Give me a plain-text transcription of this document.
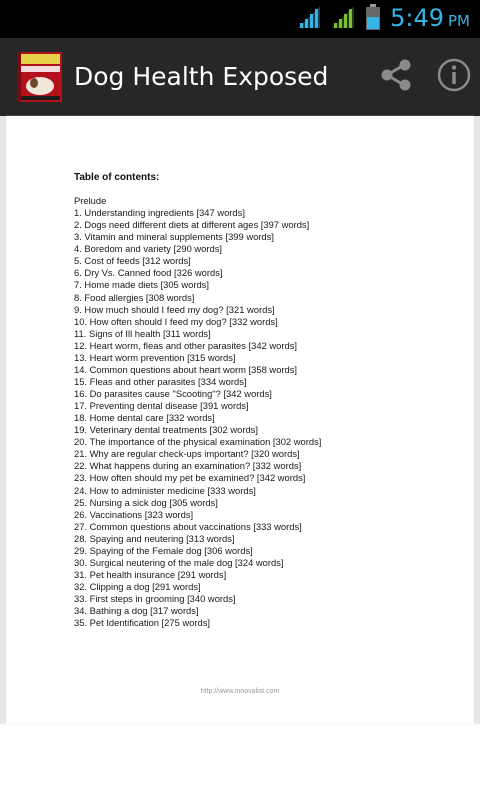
5:49 PM
Dog Health Exposed
Table of contents:
Prelude
1. Understanding ingredients [347 words]
2. Dogs need different diets at different ages [397 words]
3. Vitamin and mineral supplements [399 words]
4. Boredom and variety [290 words]
5. Cost of feeds [312 words]
6. Dry Vs. Canned food [326 words]
7. Home made diets [305 words]
8. Food allergies [308 words]
9. How much should I feed my dog? [321 words]
10. How often should I feed my dog? [332 words]
11. Signs of Ill health [311 words]
12. Heart worm, fleas and other parasites [342 words]
13. Heart worm prevention [315 words]
14. Common questions about heart worm [358 words]
15. Fleas and other parasites [334 words]
16. Do parasites cause "Scooting"? [342 words]
17. Preventing dental disease [391 words]
18. Home dental care [332 words]
19. Veterinary dental treatments [302 words]
20. The importance of the physical examination [302 words]
21. Why are regular check-ups important? [320 words]
22. What happens during an examination? [332 words]
23. How often should my pet be examined? [342 words]
24. How to administer medicine [333 words]
25. Nursing a sick dog [305 words]
26. Vaccinations [323 words]
27. Common questions about vaccinations [333 words]
28. Spaying and neutering [313 words]
29. Spaying of the Female dog [306 words]
30. Surgical neutering of the male dog [324 words]
31. Pet health insurance [291 words]
32. Clipping a dog [291 words]
33. First steps in grooming [340 words]
34. Bathing a dog [317 words]
35. Pet Identification [275 words]
http://www.innovalist.com
